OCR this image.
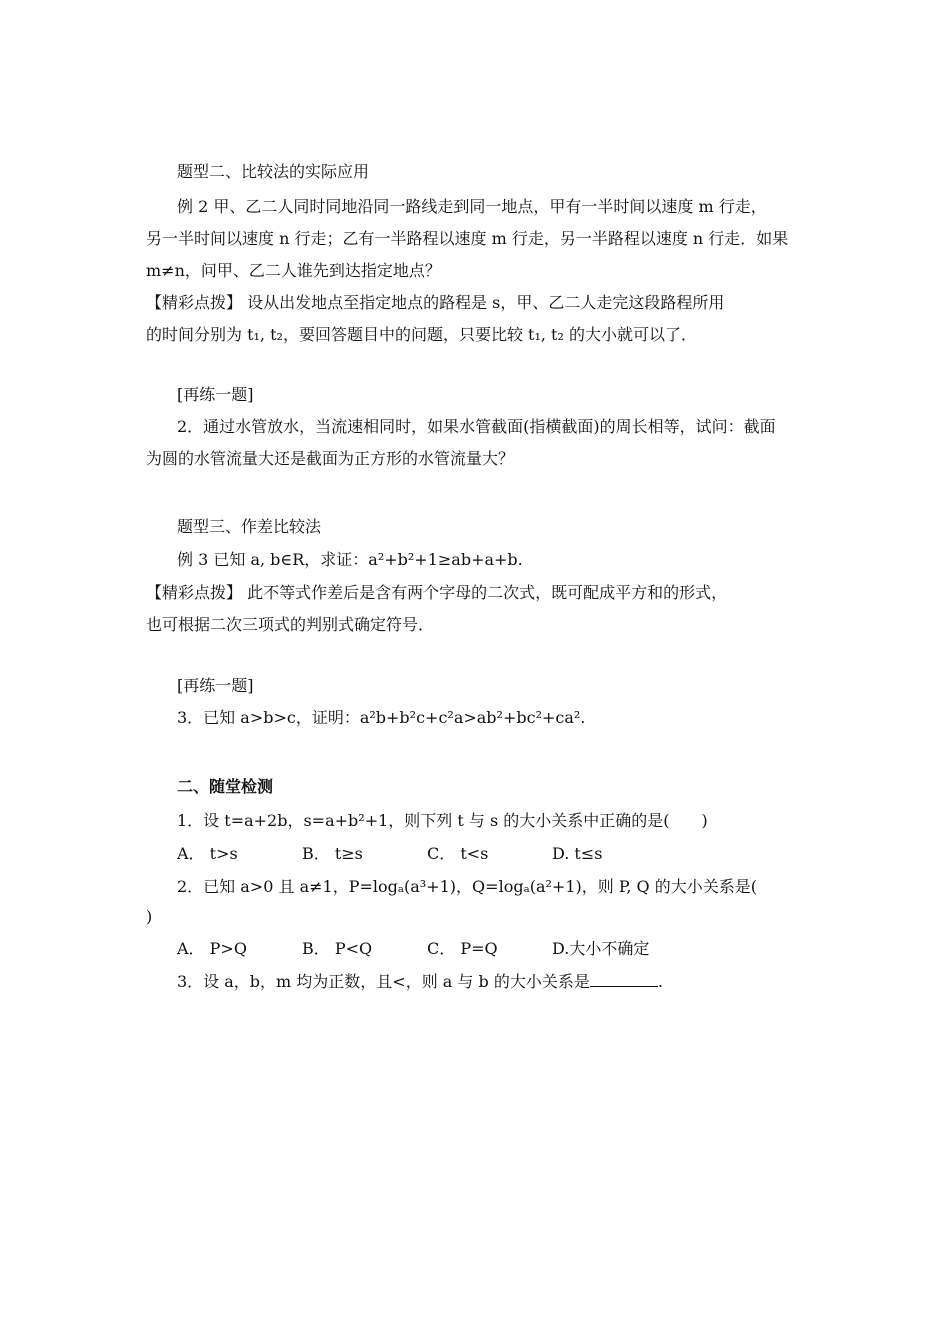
题型二、比较法的实际应用
例 2 甲、乙二人同时同地沿同一路线走到同一地点，甲有一半时间以速度 m 行走，
另一半时间以速度 n 行走；乙有一半路程以速度 m 行走，另一半路程以速度 n 行走．如果
m≠n，问甲、乙二人谁先到达指定地点？
【精彩点拨】 设从出发地点至指定地点的路程是 s，甲、乙二人走完这段路程所用
的时间分别为 t₁, t₂，要回答题目中的问题，只要比较 t₁, t₂ 的大小就可以了．
[再练一题]
2．通过水管放水，当流速相同时，如果水管截面(指横截面)的周长相等，试问：截面
为圆的水管流量大还是截面为正方形的水管流量大？
题型三、作差比较法
例 3 已知 a, b∈R，求证：a²+b²+1≥ab+a+b.
【精彩点拨】 此不等式作差后是含有两个字母的二次式，既可配成平方和的形式，
也可根据二次三项式的判别式确定符号．
[再练一题]
3．已知 a>b>c，证明：a²b+b²c+c²a>ab²+bc²+ca².
二、随堂检测
1．设 t=a+2b，s=a+b²+1，则下列 t 与 s 的大小关系中正确的是(　　)
A． t>s	B． t≥s	C． t<s	D. t≤s
2．已知 a>0 且 a≠1，P=logₐ(a³+1)，Q=logₐ(a²+1)，则 P, Q 的大小关系是(
)
A． P>Q	B． P<Q	C． P=Q	D.大小不确定
3．设 a，b，m 均为正数，且<，则 a 与 b 的大小关系是	.
